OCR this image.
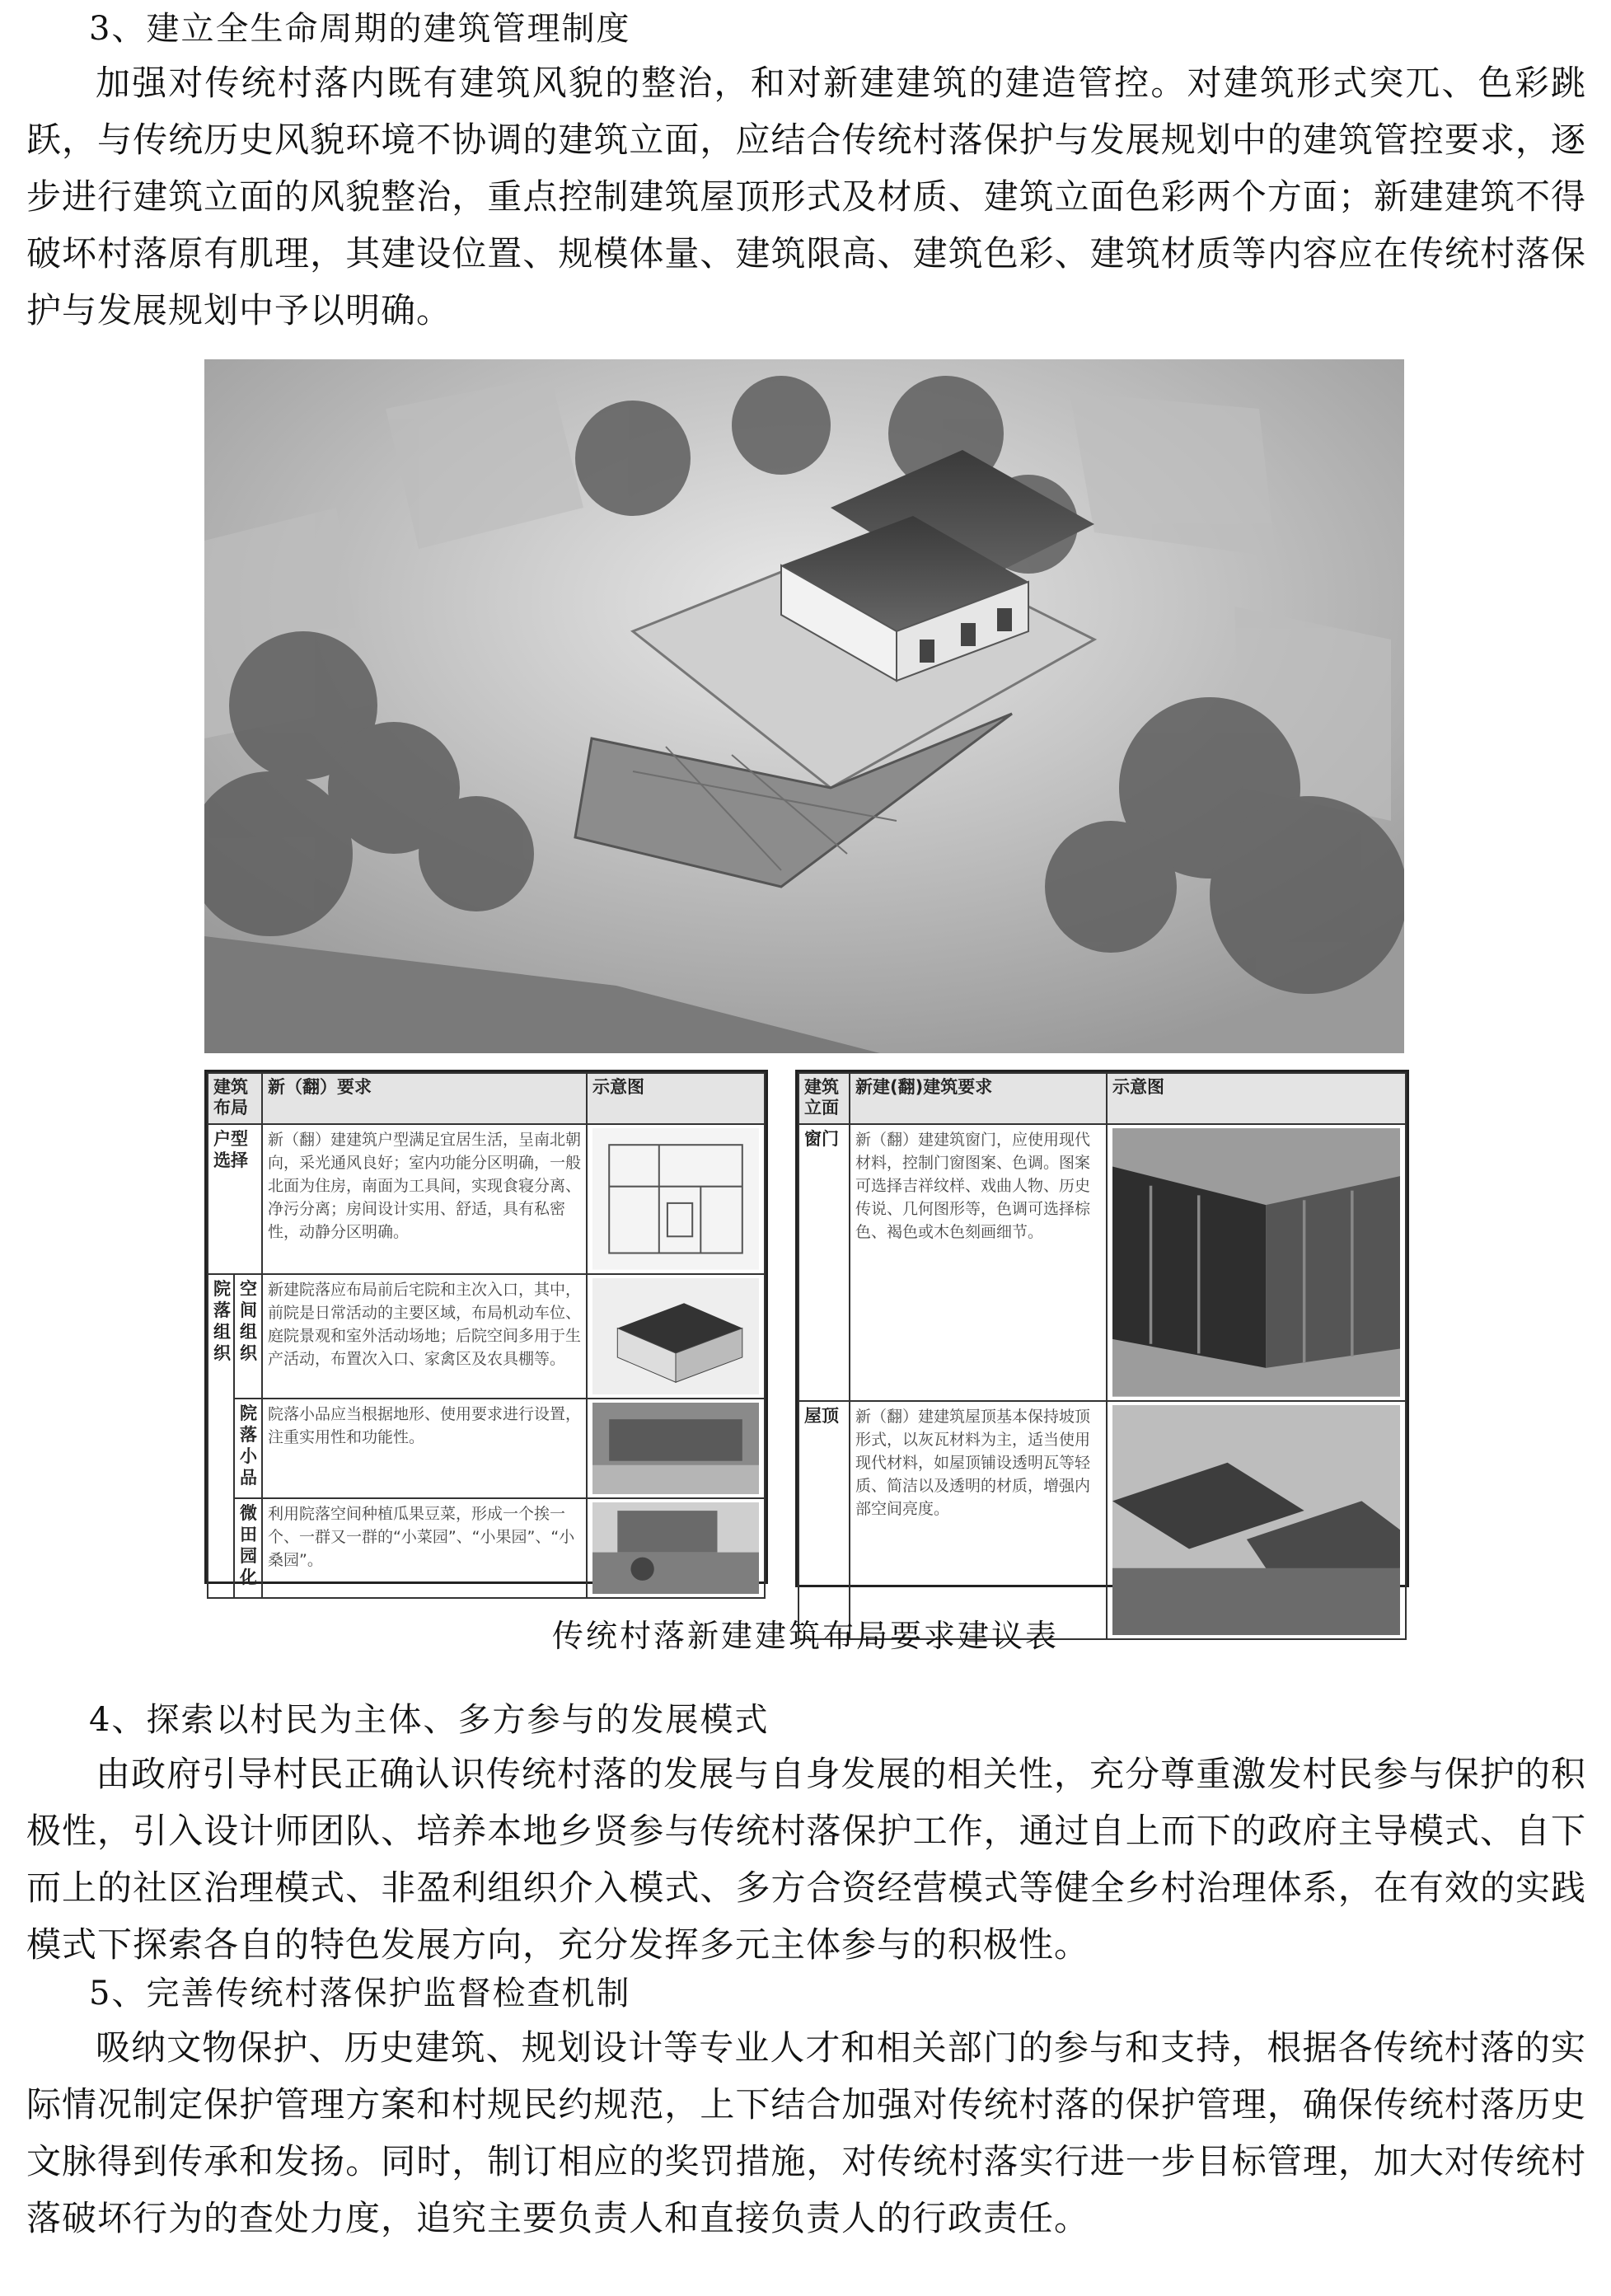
3、建立全生命周期的建筑管理制度

加强对传统村落内既有建筑风貌的整治，和对新建建筑的建造管控。对建筑形式突兀、色彩跳跃，与传统历史风貌环境不协调的建筑立面，应结合传统村落保护与发展规划中的建筑管控要求，逐步进行建筑立面的风貌整治，重点控制建筑屋顶形式及材质、建筑立面色彩两个方面；新建建筑不得破坏村落原有肌理，其建设位置、规模体量、建筑限高、建筑色彩、建筑材质等内容应在传统村落保护与发展规划中予以明确。

建筑布局		新（翻）要求	示意图
户型选择		新（翻）建建筑户型满足宜居生活，呈南北朝向，采光通风良好；室内功能分区明确，一般北面为住房，南面为工具间，实现食寝分离、净污分离；房间设计实用、舒适，具有私密性，动静分区明确。	

院落组织	空间组织	新建院落应布局前后宅院和主次入口，其中，前院是日常活动的主要区域，布局机动车位、庭院景观和室外活动场地；后院空间多用于生产活动，布置次入口、家禽区及农具棚等。	

	院落小品	院落小品应当根据地形、使用要求进行设置，注重实用性和功能性。	

	微田园化	利用院落空间种植瓜果豆菜，形成一个挨一个、一群又一群的“小菜园”、“小果园”、“小桑园”。	
建筑立面	新建(翻)建筑要求	示意图
窗门	新（翻）建建筑窗门，应使用现代材料，控制门窗图案、色调。图案可选择吉祥纹样、戏曲人物、历史传说、几何图形等，色调可选择棕色、褐色或木色刻画细节。	

屋顶	新（翻）建建筑屋顶基本保持坡顶形式，以灰瓦材料为主，适当使用现代材料，如屋顶铺设透明瓦等轻质、简洁以及透明的材质，增强内部空间亮度。	
传统村落新建建筑布局要求建议表
4、探索以村民为主体、多方参与的发展模式

由政府引导村民正确认识传统村落的发展与自身发展的相关性，充分尊重激发村民参与保护的积极性，引入设计师团队、培养本地乡贤参与传统村落保护工作，通过自上而下的政府主导模式、自下而上的社区治理模式、非盈利组织介入模式、多方合资经营模式等健全乡村治理体系，在有效的实践模式下探索各自的特色发展方向，充分发挥多元主体参与的积极性。

5、完善传统村落保护监督检查机制

吸纳文物保护、历史建筑、规划设计等专业人才和相关部门的参与和支持，根据各传统村落的实际情况制定保护管理方案和村规民约规范，上下结合加强对传统村落的保护管理，确保传统村落历史文脉得到传承和发扬。同时，制订相应的奖罚措施，对传统村落实行进一步目标管理，加大对传统村落破坏行为的查处力度，追究主要负责人和直接负责人的行政责任。
